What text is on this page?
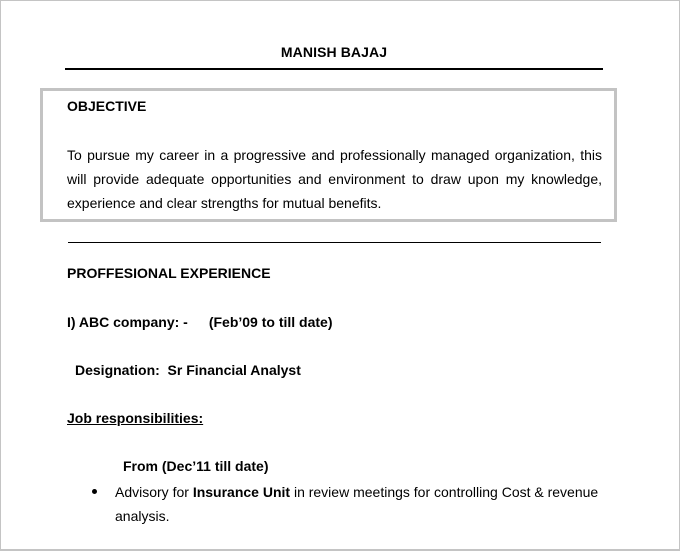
MANISH BAJAJ
OBJECTIVE
To pursue my career in a progressive and professionally managed organization, this will provide adequate opportunities and environment to draw upon my knowledge, experience and clear strengths for mutual benefits.
PROFFESIONAL EXPERIENCE
I) ABC company: - (Feb’09 to till date)
Designation:  Sr Financial Analyst
Job responsibilities:
From (Dec’11 till date)
Advisory for Insurance Unit in review meetings for controlling Cost & revenue analysis.
